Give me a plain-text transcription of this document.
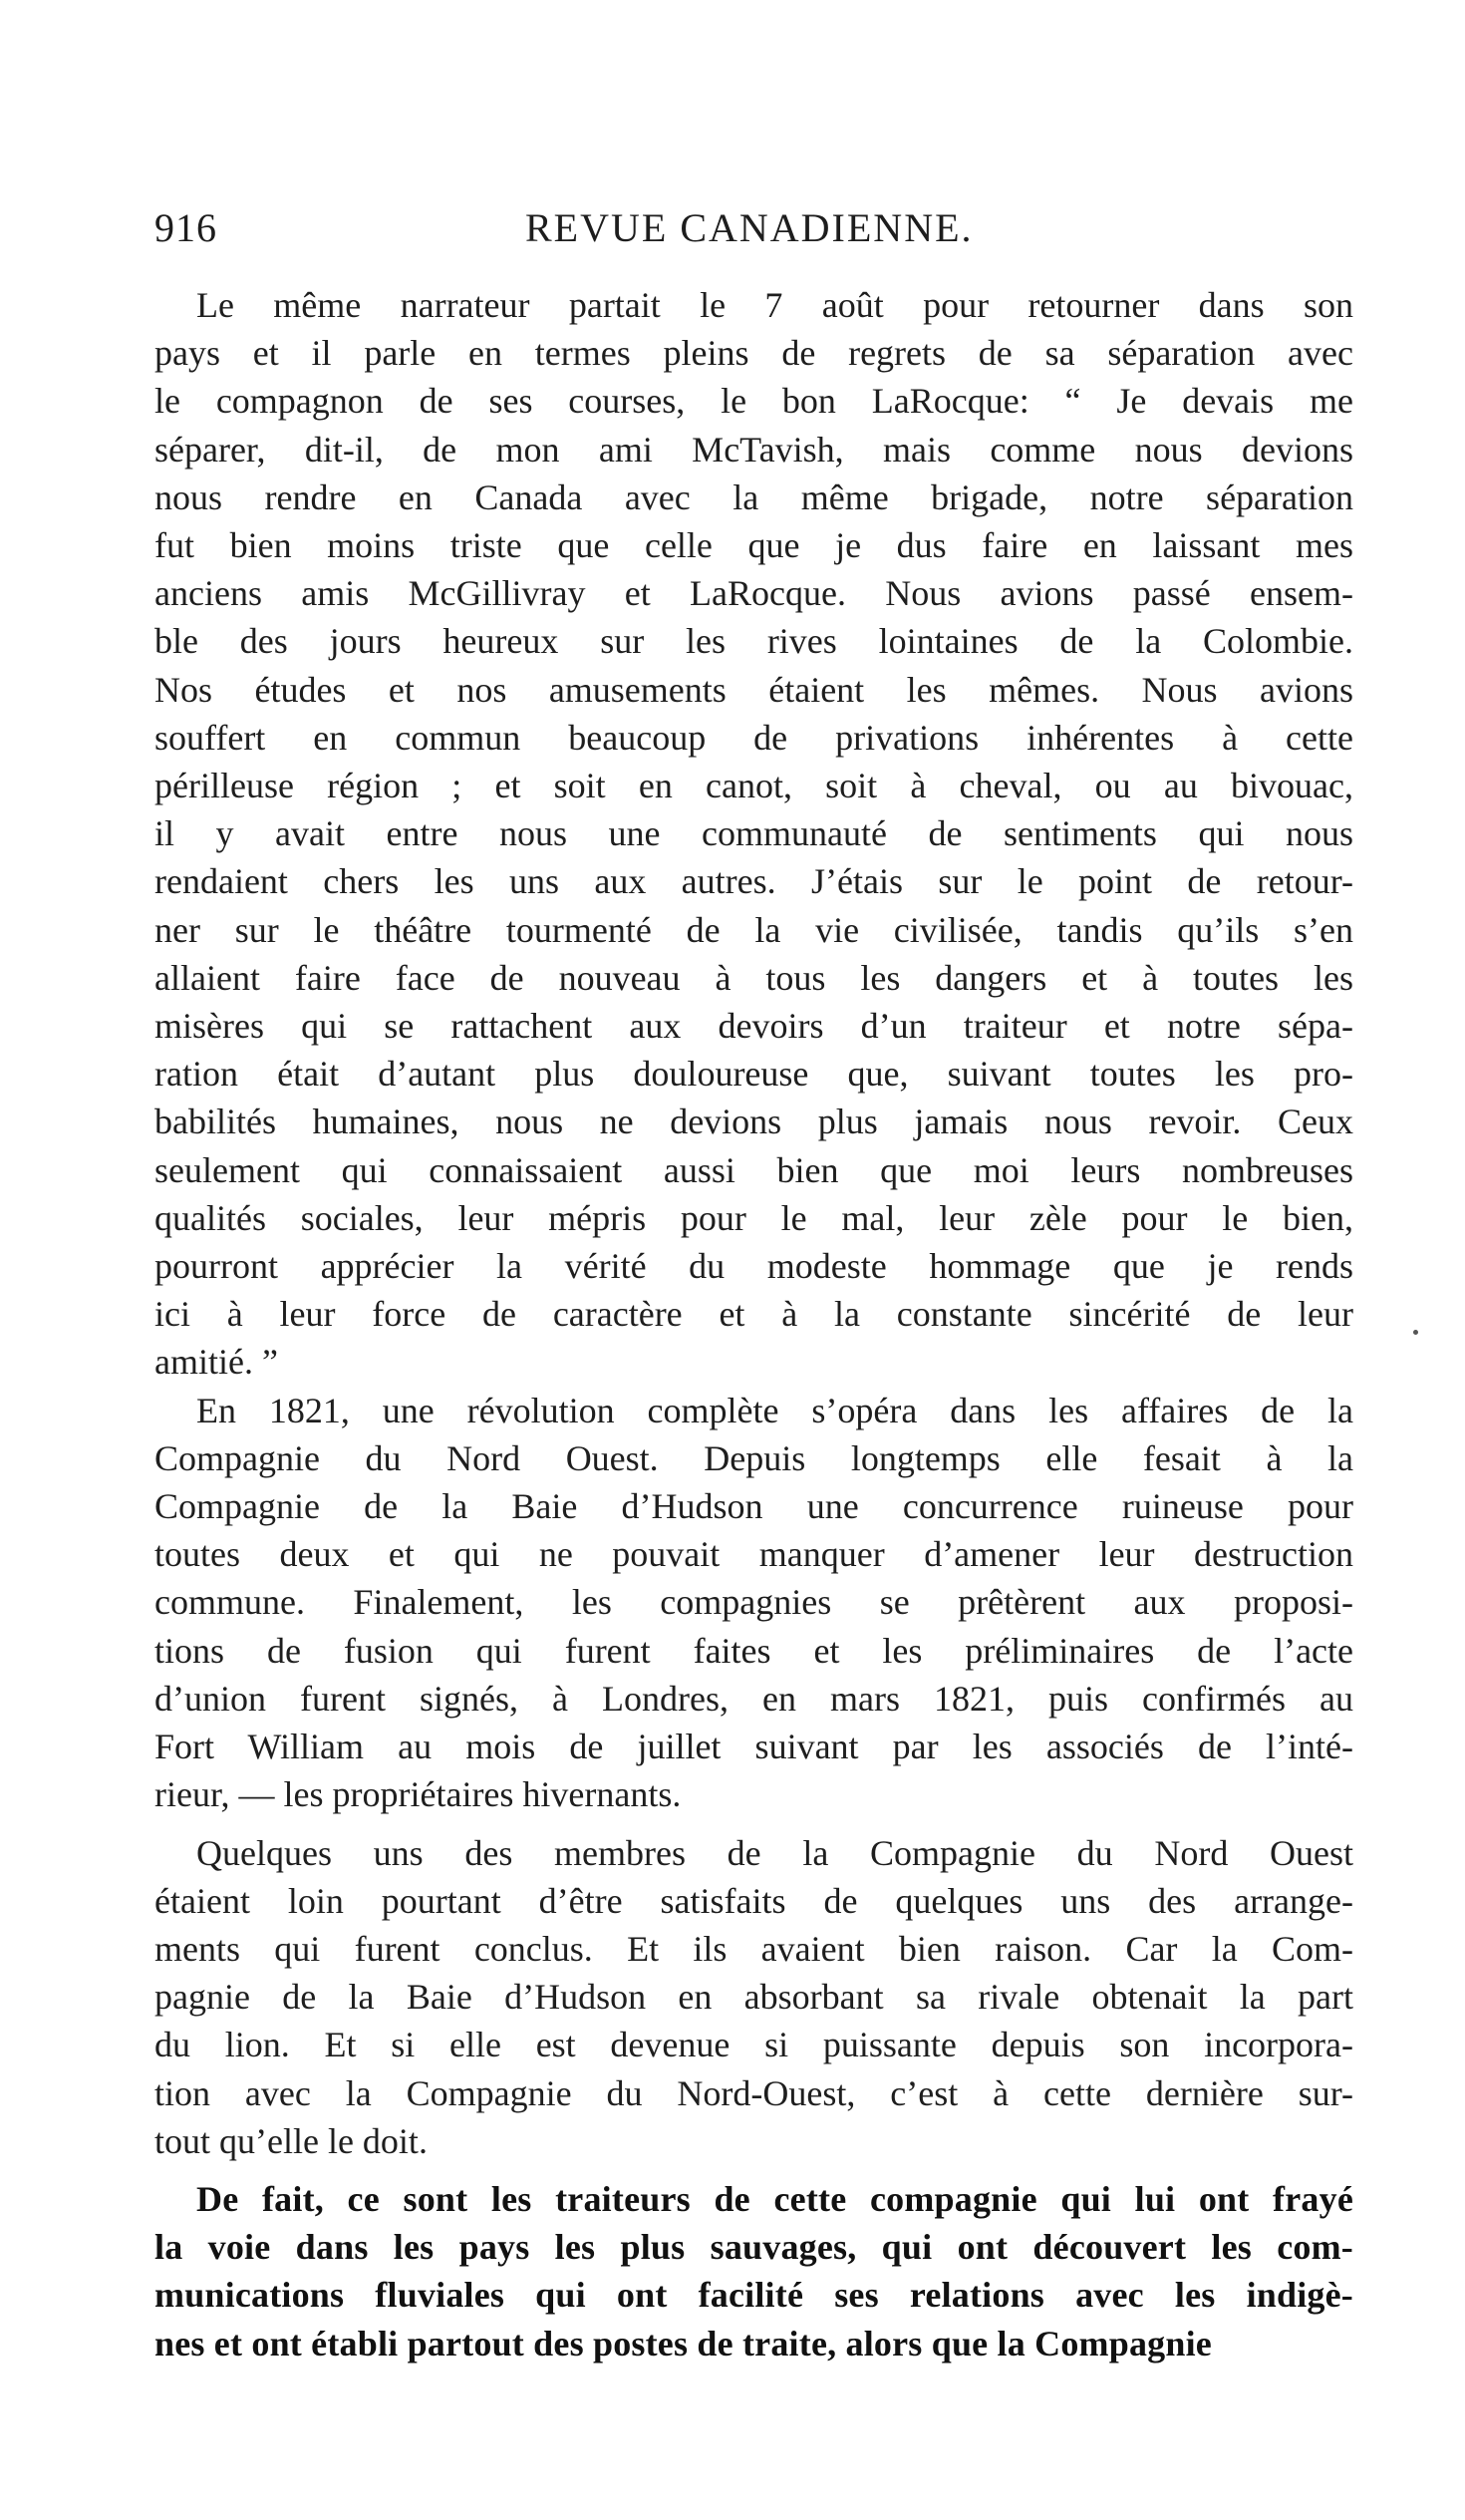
916	REVUE CANADIENNE.
Le même narrateur partait le 7 août pour retourner dans son
pays et il parle en termes pleins de regrets de sa séparation avec
le compagnon de ses courses, le bon LaRocque: “ Je devais me
séparer, dit-il, de mon ami McTavish, mais comme nous devions
nous rendre en Canada avec la même brigade, notre séparation
fut bien moins triste que celle que je dus faire en laissant mes
anciens amis McGillivray et LaRocque. Nous avions passé ensem-
ble des jours heureux sur les rives lointaines de la Colombie.
Nos études et nos amusements étaient les mêmes. Nous avions
souffert en commun beaucoup de privations inhérentes à cette
périlleuse région ; et soit en canot, soit à cheval, ou au bivouac,
il y avait entre nous une communauté de sentiments qui nous
rendaient chers les uns aux autres. J’étais sur le point de retour-
ner sur le théâtre tourmenté de la vie civilisée, tandis qu’ils s’en
allaient faire face de nouveau à tous les dangers et à toutes les
misères qui se rattachent aux devoirs d’un traiteur et notre sépa-
ration était d’autant plus douloureuse que, suivant toutes les pro-
babilités humaines, nous ne devions plus jamais nous revoir. Ceux
seulement qui connaissaient aussi bien que moi leurs nombreuses
qualités sociales, leur mépris pour le mal, leur zèle pour le bien,
pourront apprécier la vérité du modeste hommage que je rends
ici à leur force de caractère et à la constante sincérité de leur
amitié. ”
En 1821, une révolution complète s’opéra dans les affaires de la
Compagnie du Nord Ouest. Depuis longtemps elle fesait à la
Compagnie de la Baie d’Hudson une concurrence ruineuse pour
toutes deux et qui ne pouvait manquer d’amener leur destruction
commune. Finalement, les compagnies se prêtèrent aux proposi-
tions de fusion qui furent faites et les préliminaires de l’acte
d’union furent signés, à Londres, en mars 1821, puis confirmés au
Fort William au mois de juillet suivant par les associés de l’inté-
rieur, — les propriétaires hivernants.
Quelques uns des membres de la Compagnie du Nord Ouest
étaient loin pourtant d’être satisfaits de quelques uns des arrange-
ments qui furent conclus. Et ils avaient bien raison. Car la Com-
pagnie de la Baie d’Hudson en absorbant sa rivale obtenait la part
du lion. Et si elle est devenue si puissante depuis son incorpora-
tion avec la Compagnie du Nord-Ouest, c’est à cette dernière sur-
tout qu’elle le doit.
De fait, ce sont les traiteurs de cette compagnie qui lui ont frayé
la voie dans les pays les plus sauvages, qui ont découvert les com-
munications fluviales qui ont facilité ses relations avec les indigè-
nes et ont établi partout des postes de traite, alors que la Compagnie
